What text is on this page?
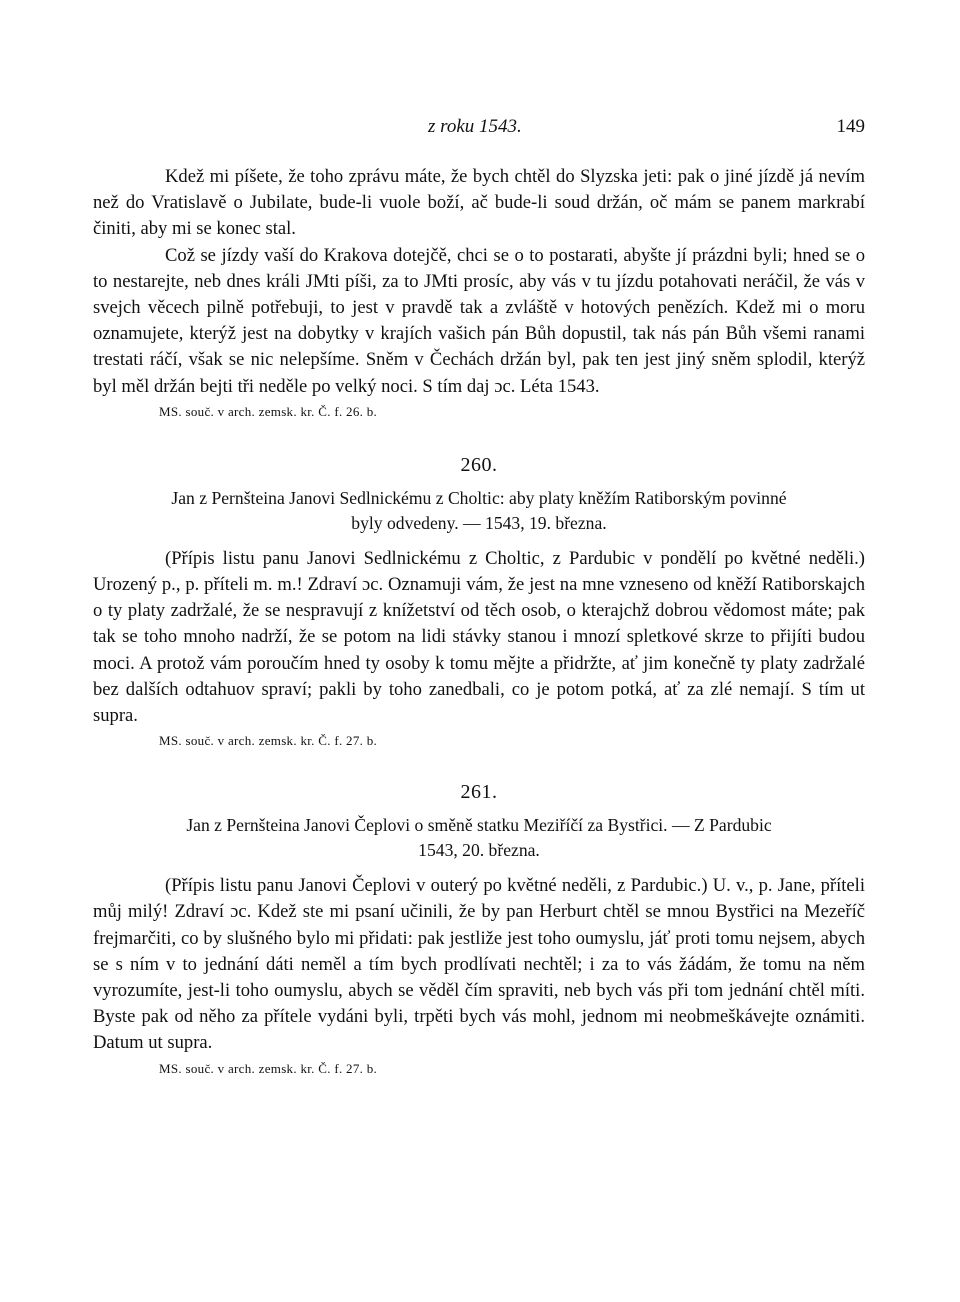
z roku 1543.	149

Kdež mi píšete, že toho zprávu máte, že bych chtěl do Slyzska jeti: pak o jiné jízdě já nevím než do Vratislavě o Jubilate, bude-li vuole boží, ač bude-li soud držán, oč mám se panem markrabí činiti, aby mi se konec stal.

Což se jízdy vaší do Krakova dotejčě, chci se o to postarati, abyšte jí prázdni byli; hned se o to nestarejte, neb dnes králi JMti píši, za to JMti prosíc, aby vás v tu jízdu potahovati neráčil, že vás v svejch věcech pilně potřebuji, to jest v pravdě tak a zvláště v hotových penězích. Kdež mi o moru oznamujete, kterýž jest na dobytky v krajích vašich pán Bůh dopustil, tak nás pán Bůh všemi ranami trestati ráčí, však se nic nelepšíme. Sněm v Čechách držán byl, pak ten jest jiný sněm splodil, kterýž byl měl držán bejti tři neděle po velký noci. S tím daj ɔc. Léta 1543.

MS. souč. v arch. zemsk. kr. Č. f. 26. b.
260.
Jan z Pernšteina Janovi Sedlnickému z Choltic: aby platy kněžím Ratiborským povinné
byly odvedeny. — 1543, 19. března.

(Přípis listu panu Janovi Sedlnickému z Choltic, z Pardubic v pondělí po květné neděli.) Urozený p., p. příteli m. m.! Zdraví ɔc. Oznamuji vám, že jest na mne vzneseno od kněží Ratiborskajch o ty platy zadržalé, že se nespravují z knížetství od těch osob, o kterajchž dobrou vědomost máte; pak tak se toho mnoho nadrží, že se potom na lidi stávky stanou i mnozí spletkové skrze to přijíti budou moci. A protož vám poroučím hned ty osoby k tomu mějte a přidržte, ať jim konečně ty platy zadržalé bez dalších odtahuov spraví; pakli by toho zanedbali, co je potom potká, ať za zlé nemají. S tím ut supra.

MS. souč. v arch. zemsk. kr. Č. f. 27. b.
261.
Jan z Pernšteina Janovi Čeplovi o směně statku Meziříčí za Bystřici. — Z Pardubic
1543, 20. března.

(Přípis listu panu Janovi Čeplovi v outerý po květné neděli, z Pardubic.) U. v., p. Jane, příteli můj milý! Zdraví ɔc. Kdež ste mi psaní učinili, že by pan Herburt chtěl se mnou Bystřici na Mezeříč frejmarčiti, co by slušného bylo mi přidati: pak jestliže jest toho oumyslu, jáť proti tomu nejsem, abych se s ním v to jednání dáti neměl a tím bych prodlívati nechtěl; i za to vás žádám, že tomu na něm vyrozumíte, jest-li toho oumyslu, abych se věděl čím spraviti, neb bych vás při tom jednání chtěl míti. Byste pak od něho za přítele vydáni byli, trpěti bych vás mohl, jednom mi neobmeškávejte oznámiti. Datum ut supra.

MS. souč. v arch. zemsk. kr. Č. f. 27. b.
